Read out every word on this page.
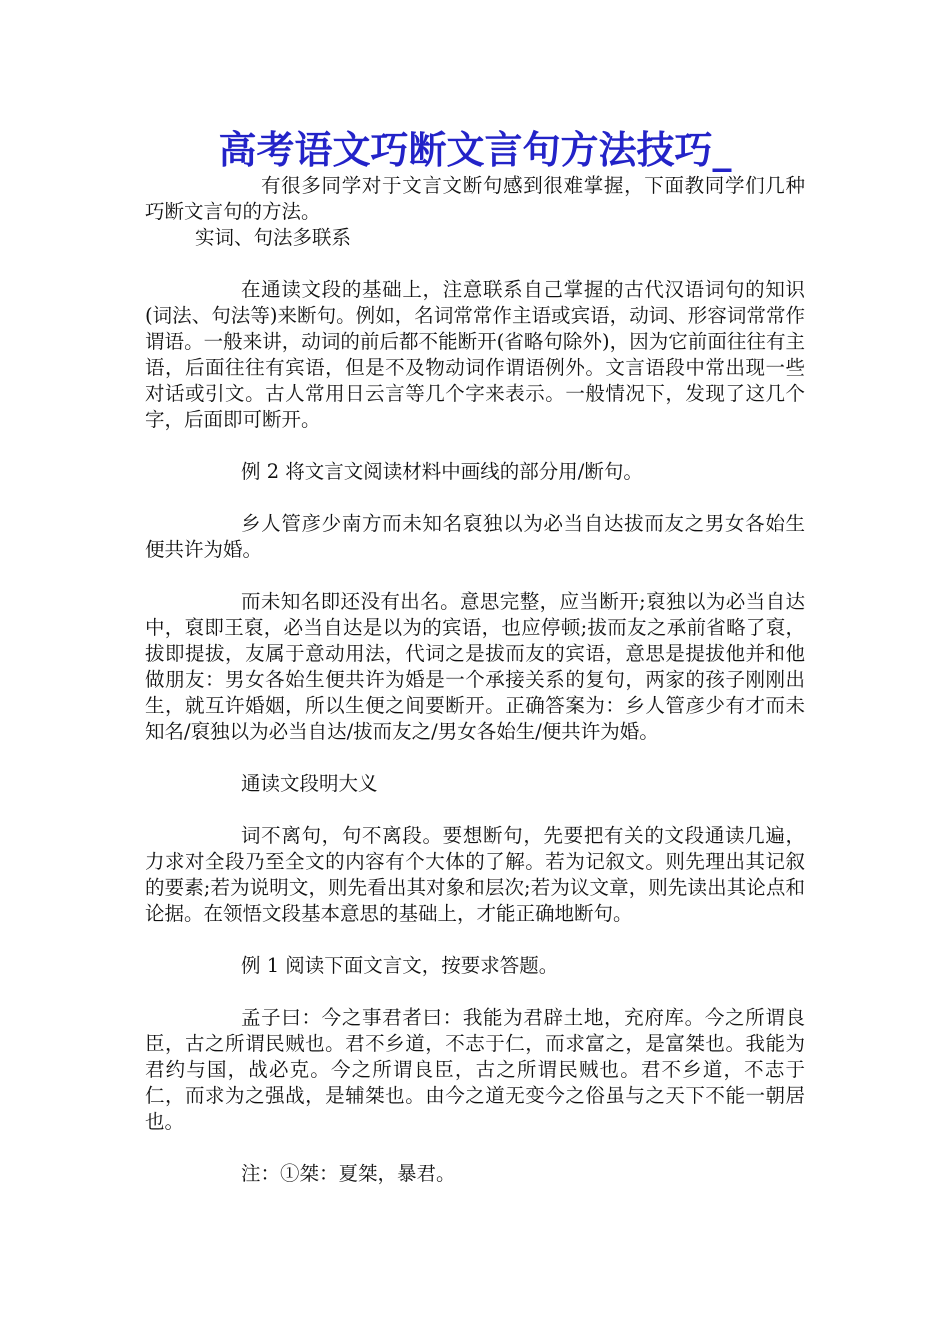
高考语文巧断文言句方法技巧_

有很多同学对于文言文断句感到很难掌握，下面教同学们几种巧断文言句的方法。

实词、句法多联系

在通读文段的基础上，注意联系自己掌握的古代汉语词句的知识(词法、句法等)来断句。例如，名词常常作主语或宾语，动词、形容词常常作谓语。一般来讲，动词的前后都不能断开(省略句除外)，因为它前面往往有主语，后面往往有宾语，但是不及物动词作谓语例外。文言语段中常出现一些对话或引文。古人常用日云言等几个字来表示。一般情况下，发现了这几个字，后面即可断开。

例 2 将文言文阅读材料中画线的部分用/断句。

乡人管彦少南方而未知名裒独以为必当自达拔而友之男女各始生便共许为婚。

而未知名即还没有出名。意思完整，应当断开;裒独以为必当自达中，裒即王裒，必当自达是以为的宾语，也应停顿;拔而友之承前省略了裒，拔即提拔，友属于意动用法，代词之是拔而友的宾语，意思是提拔他并和他做朋友：男女各始生便共许为婚是一个承接关系的复句，两家的孩子刚刚出生，就互许婚姻，所以生便之间要断开。正确答案为：乡人管彦少有才而未知名/裒独以为必当自达/拔而友之/男女各始生/便共许为婚。

通读文段明大义

词不离句，句不离段。要想断句，先要把有关的文段通读几遍，力求对全段乃至全文的内容有个大体的了解。若为记叙文。则先理出其记叙的要素;若为说明文，则先看出其对象和层次;若为议文章，则先读出其论点和论据。在领悟文段基本意思的基础上，才能正确地断句。

例 1 阅读下面文言文，按要求答题。

孟子曰：今之事君者曰：我能为君辟土地，充府库。今之所谓良臣，古之所谓民贼也。君不乡道，不志于仁，而求富之，是富桀也。我能为君约与国，战必克。今之所谓良臣，古之所谓民贼也。君不乡道，不志于仁，而求为之强战，是辅桀也。由今之道无变今之俗虽与之天下不能一朝居也。

注：①桀：夏桀，暴君。
